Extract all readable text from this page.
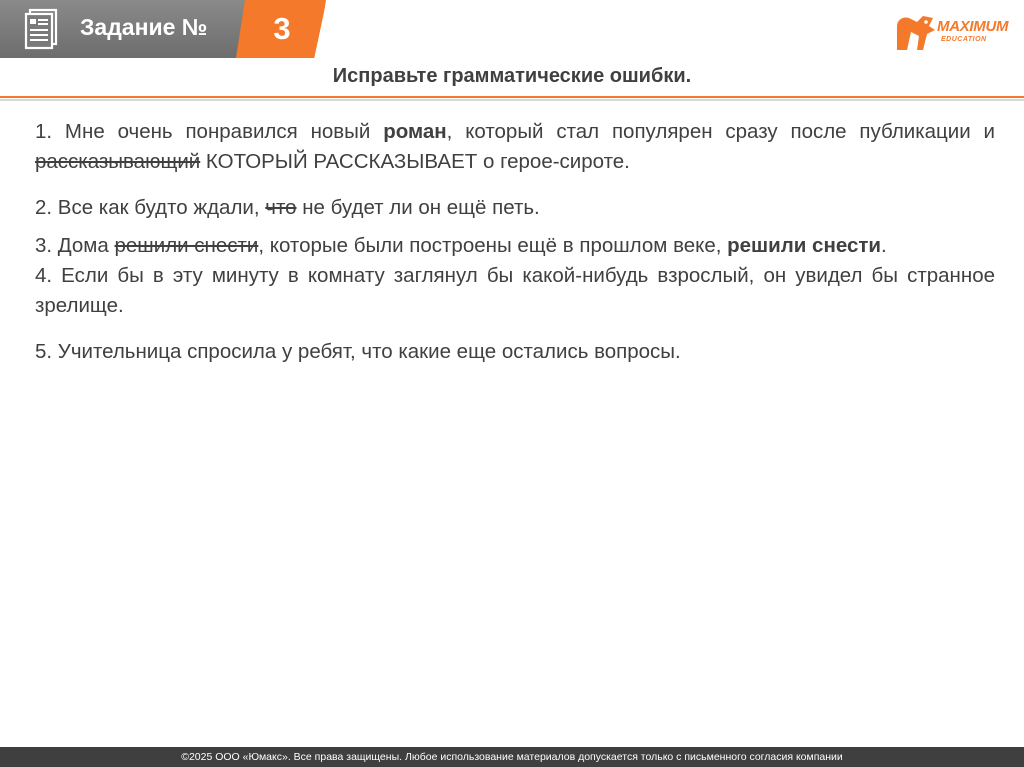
Задание №	3	MAXIMUM
EDUCATION
Исправьте грамматические ошибки.

1. Мне очень понравился новый роман, который стал популярен сразу после публикации и рассказывающий КОТОРЫЙ РАССКАЗЫВАЕТ о герое-сироте.

2. Все как будто ждали, что не будет ли он ещё петь.

3. Дома решили снести, которые были построены ещё в прошлом веке, решили снести.

4. Если бы в эту минуту в комнату заглянул бы какой-нибудь взрослый, он увидел бы странное зрелище.

5. Учительница спросила у ребят, что какие еще остались вопросы.

©2025 ООО «Юмакс». Все права защищены. Любое использование материалов допускается только с письменного согласия компании
